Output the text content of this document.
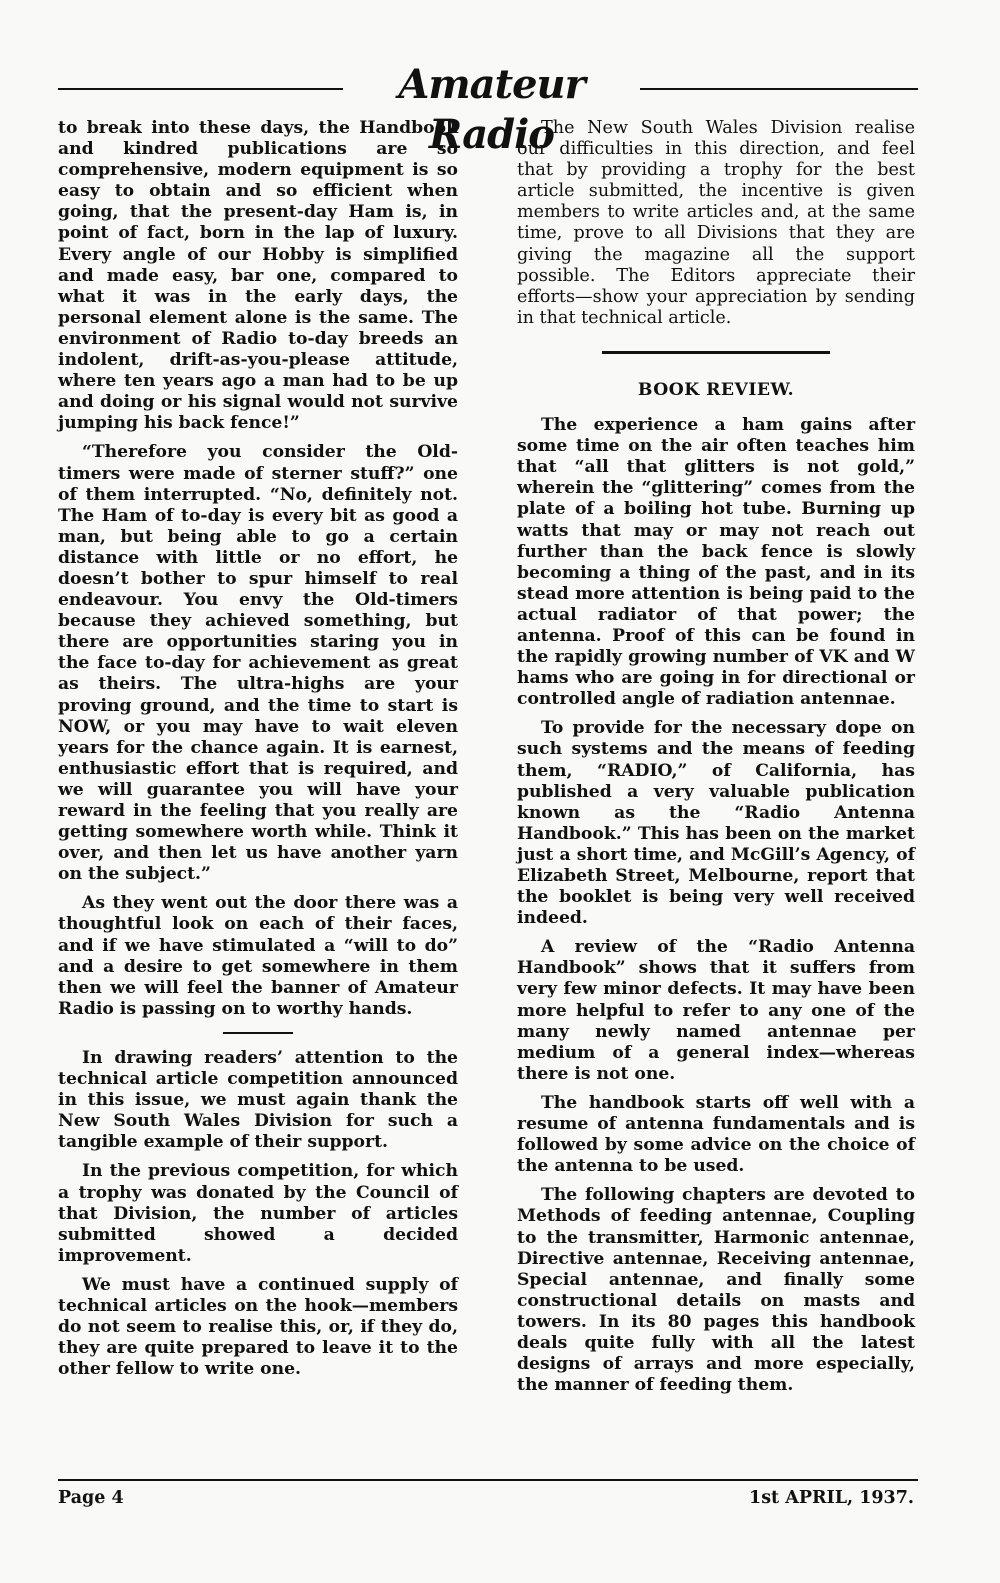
Amateur Radio

to break into these days, the Handbook and kindred publications are so comprehensive, modern equipment is so easy to obtain and so efficient when going, that the present-day Ham is, in point of fact, born in the lap of luxury. Every angle of our Hobby is simplified and made easy, bar one, compared to what it was in the early days, the personal element alone is the same. The environment of Radio to-day breeds an indolent, drift-as-you-please attitude, where ten years ago a man had to be up and doing or his signal would not survive jumping his back fence!”

“Therefore you consider the Old-timers were made of sterner stuff?” one of them interrupted. “No, definitely not. The Ham of to-day is every bit as good a man, but being able to go a certain distance with little or no effort, he doesn’t bother to spur himself to real endeavour. You envy the Old-timers because they achieved something, but there are opportunities staring you in the face to-day for achievement as great as theirs. The ultra-highs are your proving ground, and the time to start is NOW, or you may have to wait eleven years for the chance again. It is earnest, enthusiastic effort that is required, and we will guarantee you will have your reward in the feeling that you really are getting somewhere worth while. Think it over, and then let us have another yarn on the subject.”

As they went out the door there was a thoughtful look on each of their faces, and if we have stimulated a “will to do” and a desire to get somewhere in them then we will feel the banner of Amateur Radio is passing on to worthy hands.

In drawing readers’ attention to the technical article competition announced in this issue, we must again thank the New South Wales Division for such a tangible example of their support.

In the previous competition, for which a trophy was donated by the Council of that Division, the number of articles submitted showed a decided improvement.

We must have a continued supply of technical articles on the hook—members do not seem to realise this, or, if they do, they are quite prepared to leave it to the other fellow to write one.

The New South Wales Division realise our difficulties in this direction, and feel that by providing a trophy for the best article submitted, the incentive is given members to write articles and, at the same time, prove to all Divisions that they are giving the magazine all the support possible. The Editors appreciate their efforts—show your appreciation by sending in that technical article.

BOOK REVIEW.

The experience a ham gains after some time on the air often teaches him that “all that glitters is not gold,” wherein the “glittering” comes from the plate of a boiling hot tube. Burning up watts that may or may not reach out further than the back fence is slowly becoming a thing of the past, and in its stead more attention is being paid to the actual radiator of that power; the antenna. Proof of this can be found in the rapidly growing number of VK and W hams who are going in for directional or controlled angle of radiation antennae.

To provide for the necessary dope on such systems and the means of feeding them, “RADIO,” of California, has published a very valuable publication known as the “Radio Antenna Handbook.” This has been on the market just a short time, and McGill’s Agency, of Elizabeth Street, Melbourne, report that the booklet is being very well received indeed.

A review of the “Radio Antenna Handbook” shows that it suffers from very few minor defects. It may have been more helpful to refer to any one of the many newly named antennae per medium of a general index—whereas there is not one.

The handbook starts off well with a resume of antenna fundamentals and is followed by some advice on the choice of the antenna to be used.

The following chapters are devoted to Methods of feeding antennae, Coupling to the transmitter, Harmonic antennae, Directive antennae, Receiving antennae, Special antennae, and finally some constructional details on masts and towers. In its 80 pages this handbook deals quite fully with all the latest designs of arrays and more especially, the manner of feeding them.

Page 4	1st APRIL, 1937.
